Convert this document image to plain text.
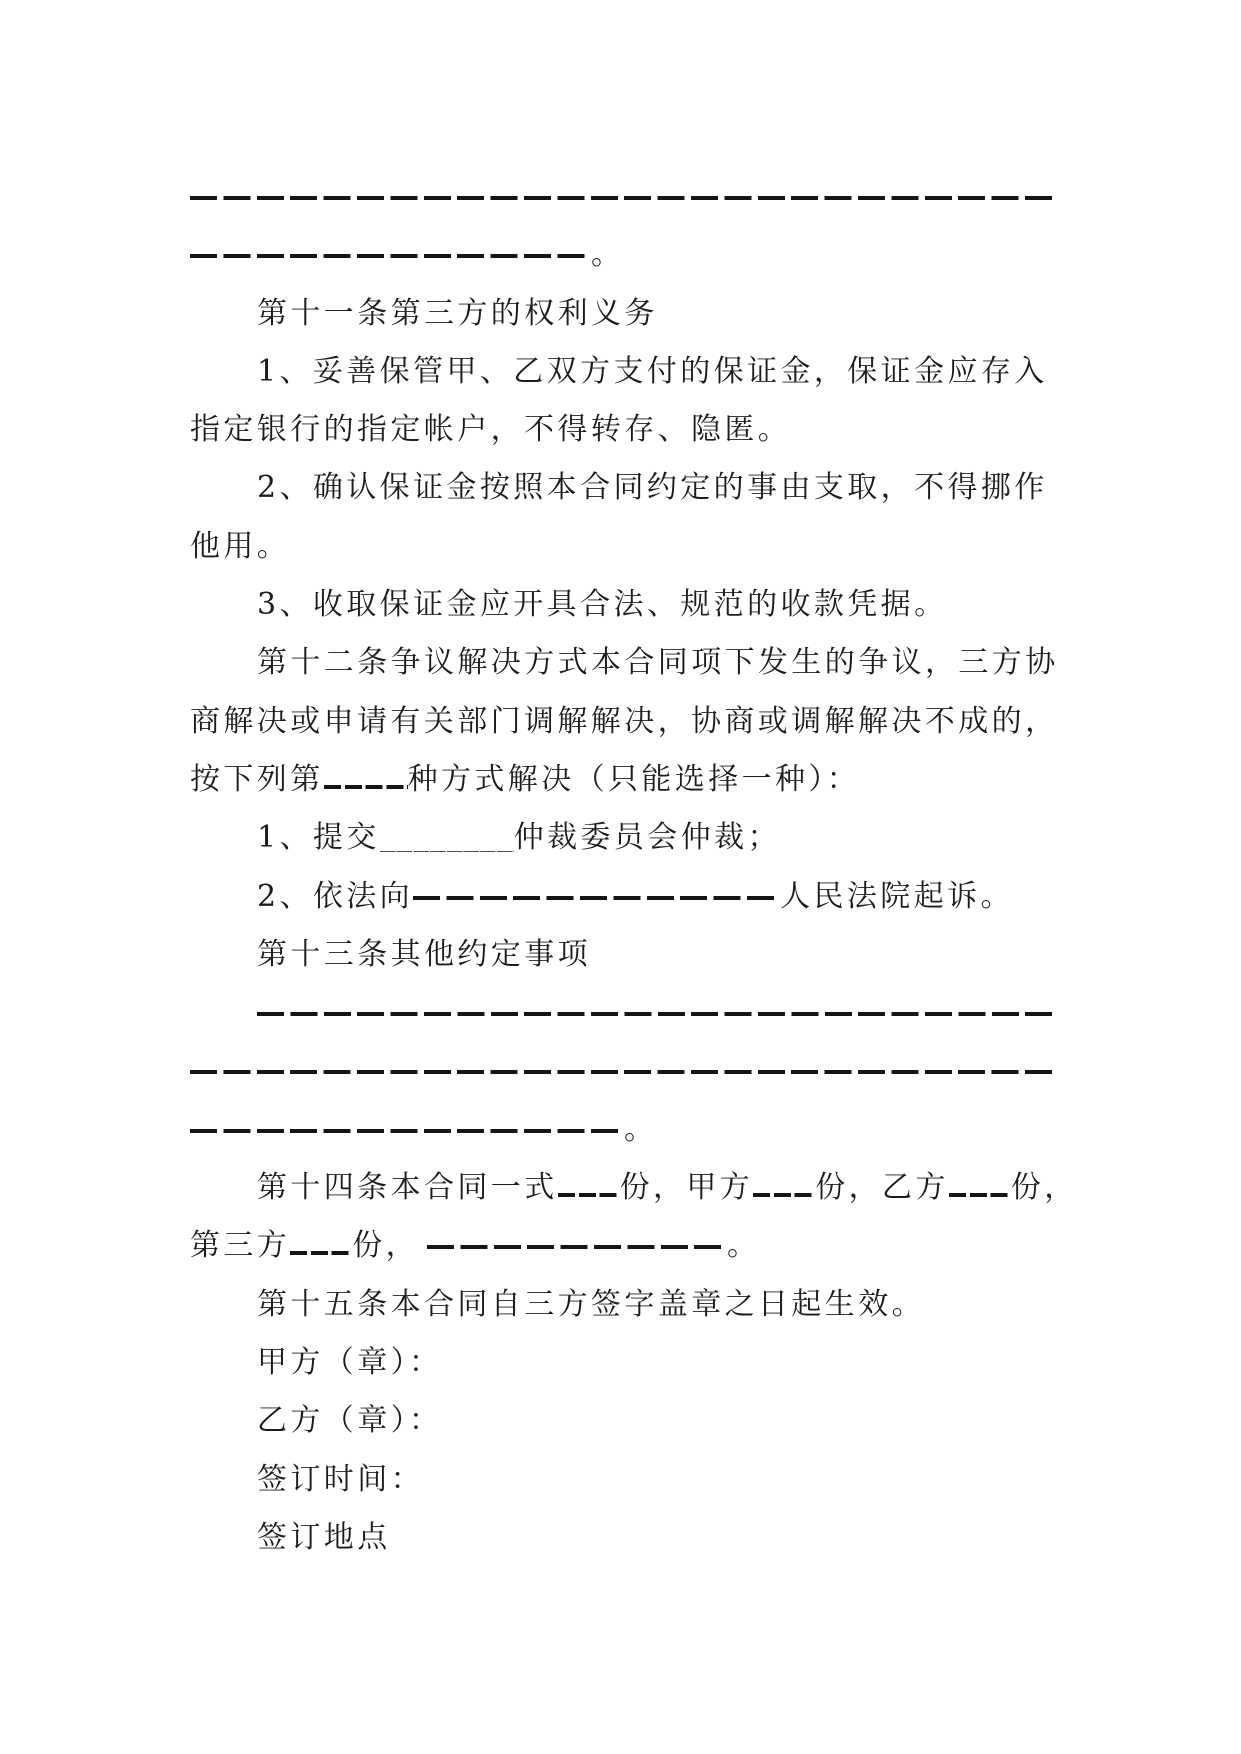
。
第十一条第三方的权利义务
1、妥善保管甲、乙双方支付的保证金，保证金应存入
指定银行的指定帐户，不得转存、隐匿。
2、确认保证金按照本合同约定的事由支取，不得挪作
他用。
3、收取保证金应开具合法、规范的收款凭据。
第十二条争议解决方式本合同项下发生的争议，三方协
商解决或申请有关部门调解解决，协商或调解解决不成的，
按下列第	种方式解决（只能选择一种）：
1、提交	仲裁委员会仲裁；
2、依法向	人民法院起诉。
第十三条其他约定事项
。
第十四条本合同一式 份，甲方 份，乙方 份，
第三方 份，	。
第十五条本合同自三方签字盖章之日起生效。
甲方（章）：
乙方（章）：
签订时间：
签订地点
